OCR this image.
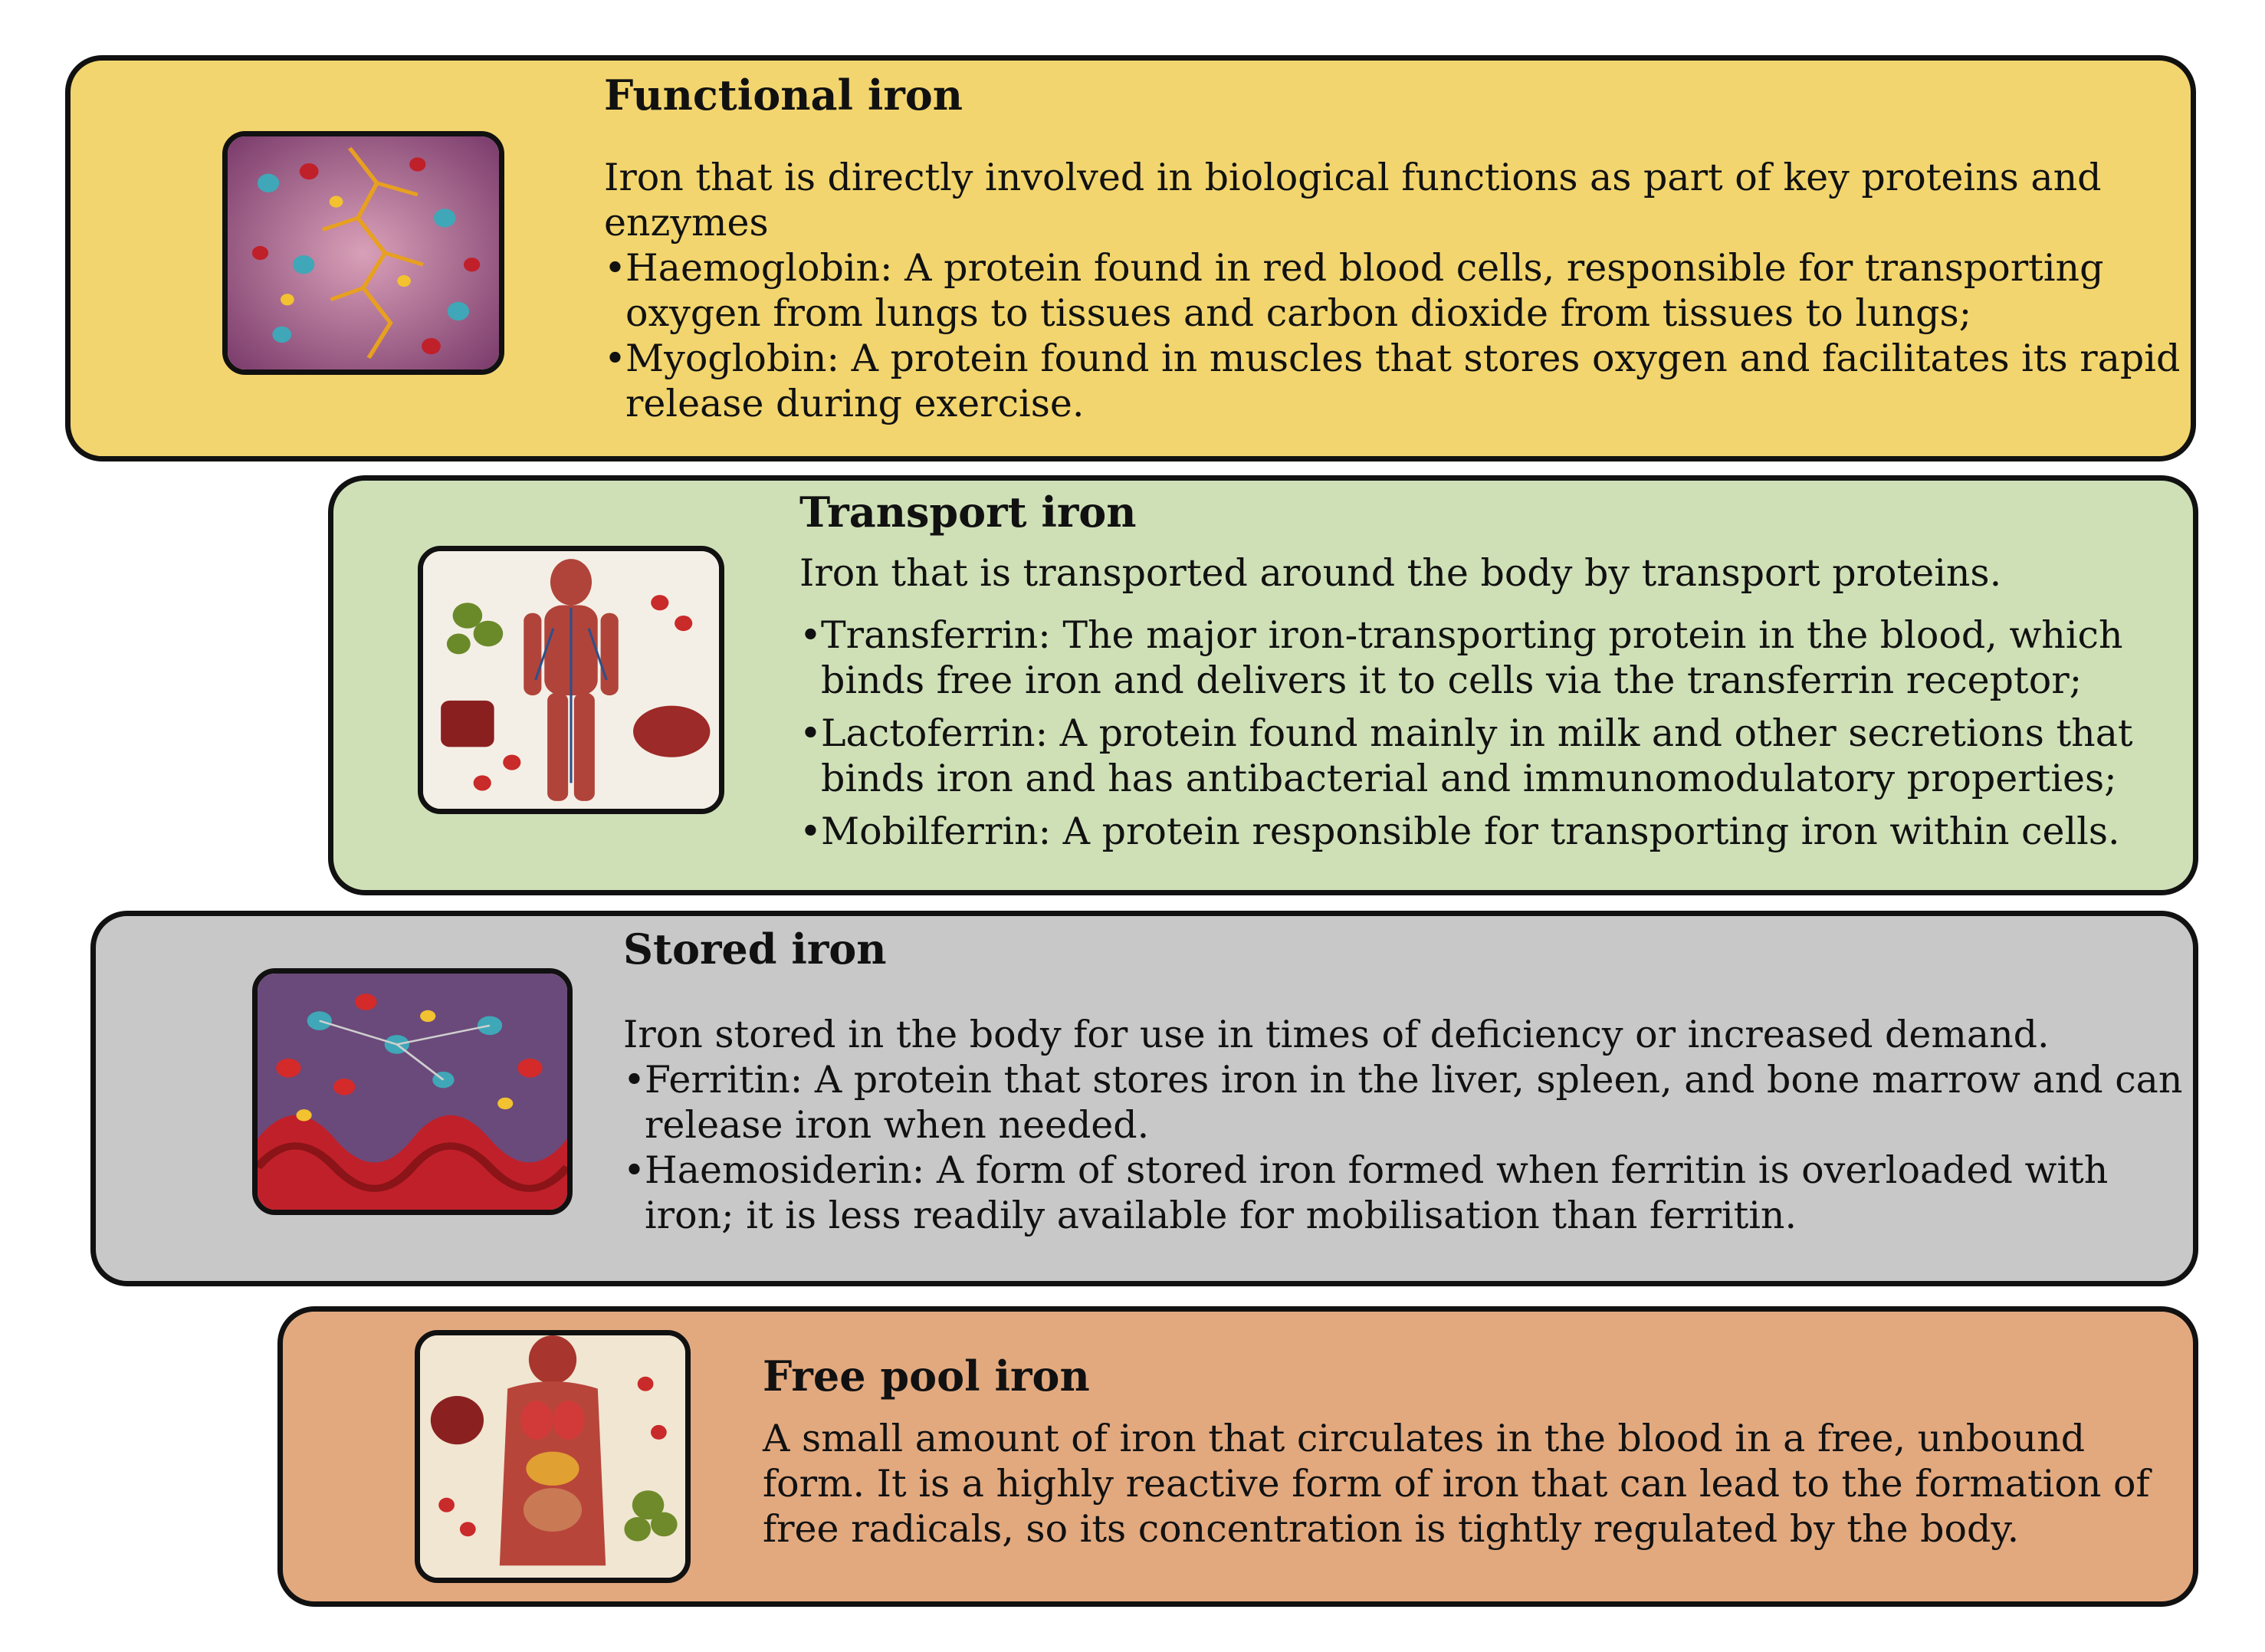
Functional iron

Iron that is directly involved in biological functions as part of key proteins and enzymes

• Haemoglobin: A protein found in red blood cells, responsible for transporting oxygen from lungs to tissues and carbon dioxide from tissues to lungs;
• Myoglobin: A protein found in muscles that stores oxygen and facilitates its rapid release during exercise.
Transport iron

Iron that is transported around the body by transport proteins.

• Transferrin: The major iron-transporting protein in the blood, which binds free iron and delivers it to cells via the transferrin receptor;
• Lactoferrin: A protein found mainly in milk and other secretions that binds iron and has antibacterial and immunomodulatory properties;
• Mobilferrin: A protein responsible for transporting iron within cells.
Stored iron

Iron stored in the body for use in times of deficiency or increased demand.

• Ferritin: A protein that stores iron in the liver, spleen, and bone marrow and can release iron when needed.
• Haemosiderin: A form of stored iron formed when ferritin is overloaded with iron; it is less readily available for mobilisation than ferritin.
Free pool iron

A small amount of iron that circulates in the blood in a free, unbound form. It is a highly reactive form of iron that can lead to the formation of free radicals, so its concentration is tightly regulated by the body.
